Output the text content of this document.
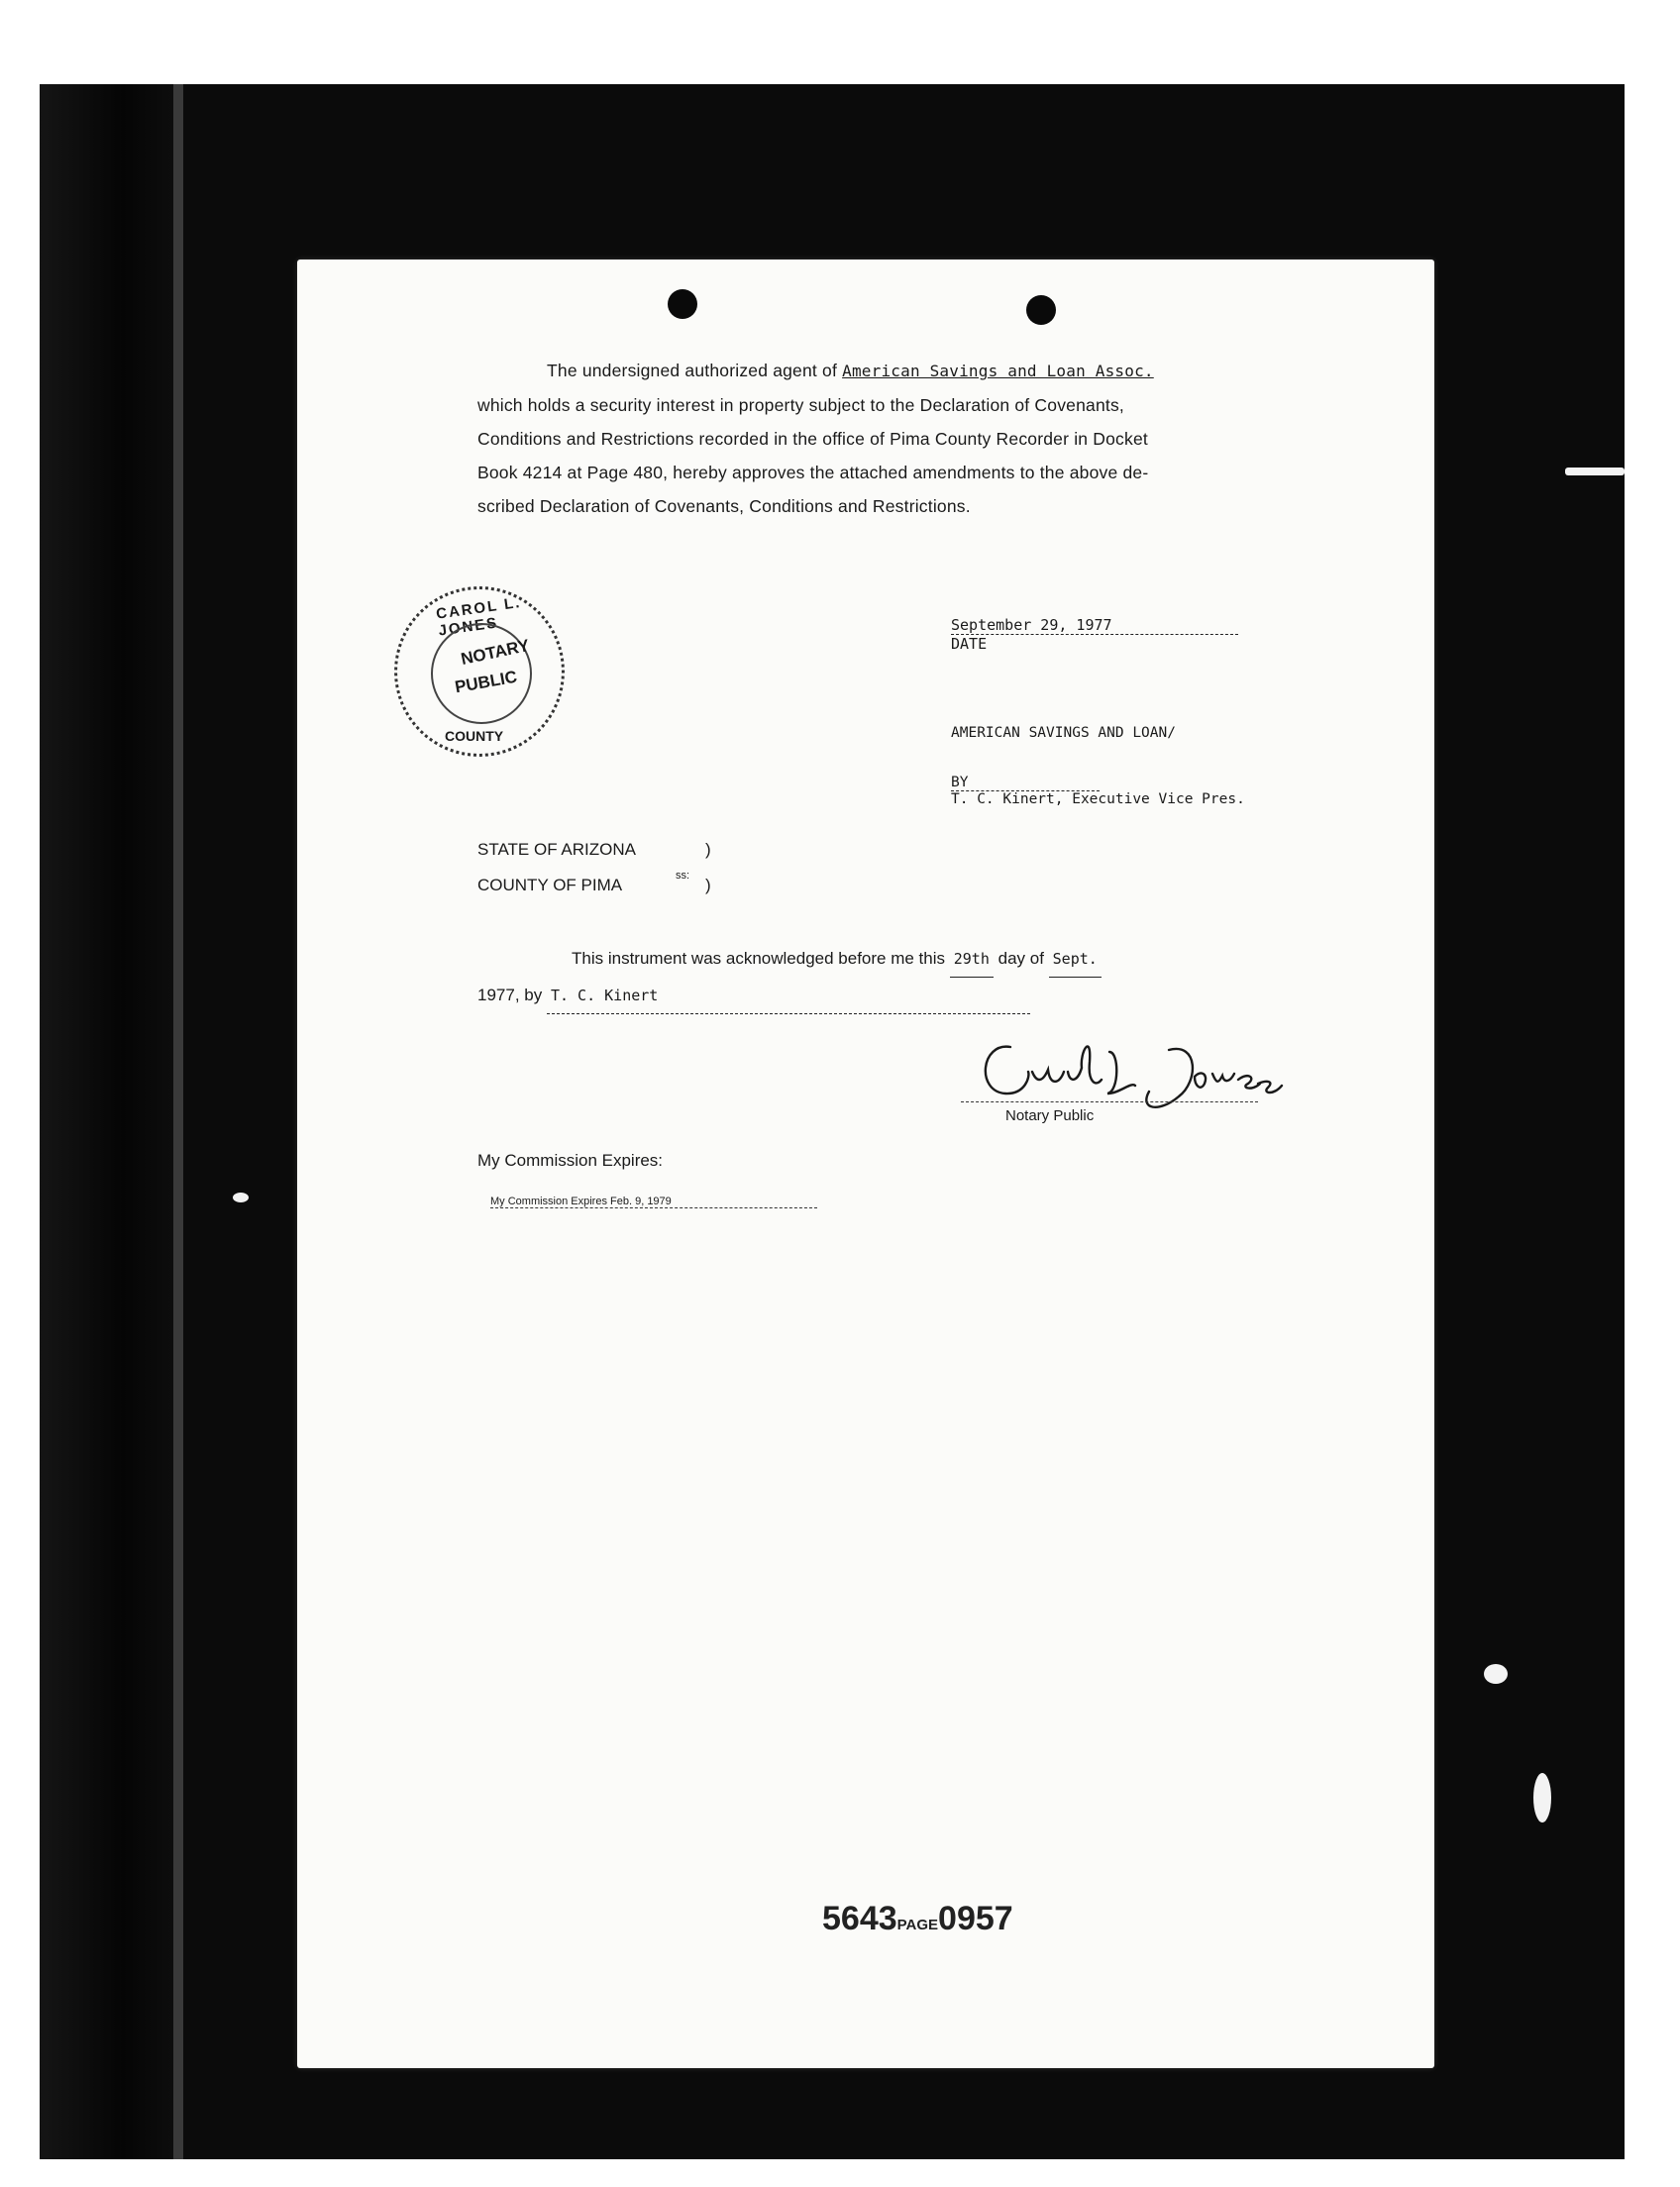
The undersigned authorized agent of American Savings and Loan Assoc.
which holds a security interest in property subject to the Declaration of Covenants,
Conditions and Restrictions recorded in the office of Pima County Recorder in Docket
Book 4214 at Page 480, hereby approves the attached amendments to the above de-
scribed Declaration of Covenants, Conditions and Restrictions.
CAROL L. JONES
NOTARY
PUBLIC
COUNTY
September 29, 1977
DATE
AMERICAN SAVINGS AND LOAN/
BY
T. C. Kinert, Executive Vice Pres.
STATE OF ARIZONA	)
COUNTY OF PIMA	)
ss:
This instrument was acknowledged before me this 29th day of Sept.
1977, by T. C. Kinert
Notary Public
My Commission Expires:
My Commission Expires Feb. 9, 1979
5643PAGE0957
